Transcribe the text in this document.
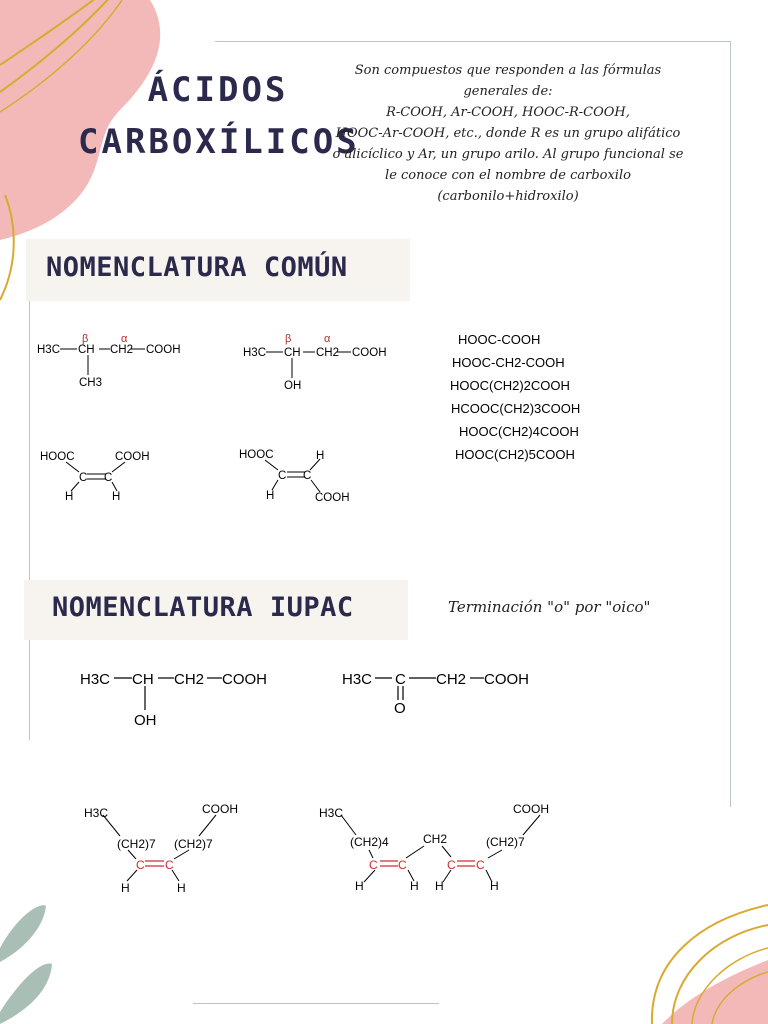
ÁCIDOS
CARBOXÍLICOS
Son compuestos que responden a las fórmulas
generales de:
R-COOH, Ar-COOH, HOOC-R-COOH,
HOOC-Ar-COOH, etc., donde R es un grupo alifático
o alicíclico y Ar, un grupo arilo. Al grupo funcional se
le conoce con el nombre de carboxilo
(carbonilo+hidroxilo)
NOMENCLATURA COMÚN
NOMENCLATURA IUPAC	Terminación "o" por "oico"
H3C CH CH2 COOH
CH3
H3C CH CH2 COOH
OH
HOOC	COOH
C C
H	H
HOOC	H
C C
H	COOH
β	α	β	α	HOOC-COOH
HOOC-CH2-COOH
HOOC(CH2)2COOH
HCOOC(CH2)3COOH
HOOC(CH2)4COOH
HOOC(CH2)5COOH
H3C CH CH2 COOH
OH
H3C C CH2 COOH
O
H3C	COOH
(CH2)7 (CH2)7
H	H
H3C	COOH
(CH2)4	CH2	(CH2)7
H	H H	H
C C	C C	C C
